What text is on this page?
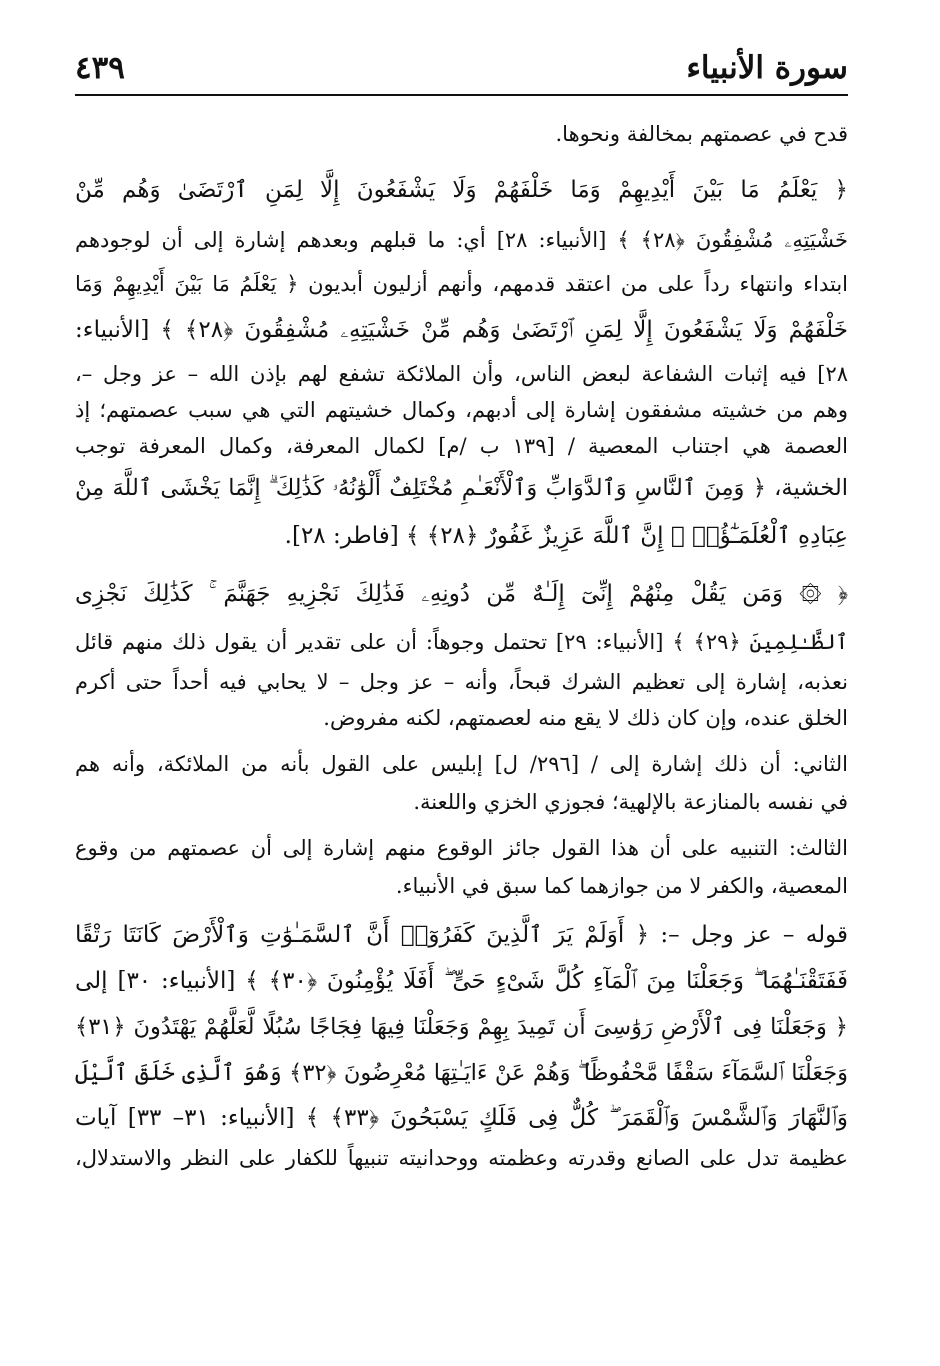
سورة الأنبياء
٤٣٩
قدح في عصمتهم بمخالفة ونحوها.
﴿ يَعْلَمُ مَا بَيْنَ أَيْدِيهِمْ وَمَا خَلْفَهُمْ وَلَا يَشْفَعُونَ إِلَّا لِمَنِ ٱرْتَضَىٰ وَهُم مِّنْ
خَشْيَتِهِۦ مُشْفِقُونَ ﴿٢٨﴾ ﴾ [الأنبياء: ٢٨] أي: ما قبلهم وبعدهم إشارة إلى أن لوجودهم
ابتداء وانتهاء رداً على من اعتقد قدمهم، وأنهم أزليون أبديون ﴿ يَعْلَمُ مَا بَيْنَ أَيْدِيهِمْ وَمَا
خَلْفَهُمْ وَلَا يَشْفَعُونَ إِلَّا لِمَنِ ٱرْتَضَىٰ وَهُم مِّنْ خَشْيَتِهِۦ مُشْفِقُونَ ﴿٢٨﴾ ﴾ [الأنبياء:
٢٨] فيه إثبات الشفاعة لبعض الناس، وأن الملائكة تشفع لهم بإذن الله – عز وجل –،
وهم من خشيته مشفقون إشارة إلى أدبهم، وكمال خشيتهم التي هي سبب عصمتهم؛ إذ
العصمة هي اجتناب المعصية / [١٣٩ ب /م] لكمال المعرفة، وكمال المعرفة توجب
الخشية، ﴿ وَمِنَ ٱلنَّاسِ وَٱلدَّوَابِّ وَٱلْأَنْعَـٰمِ مُخْتَلِفٌ أَلْوَٰنُهُۥ كَذَٰلِكَ ۗ إِنَّمَا يَخْشَى ٱللَّهَ مِنْ
عِبَادِهِ ٱلْعُلَمَـٰٓؤُا۟ ۗ إِنَّ ٱللَّهَ عَزِيزٌ غَفُورٌ ﴿٢٨﴾ ﴾ [فاطر: ٢٨].
﴿ ۞ وَمَن يَقُلْ مِنْهُمْ إِنِّىٓ إِلَـٰهٌ مِّن دُونِهِۦ فَذَٰلِكَ نَجْزِيهِ جَهَنَّمَ ۚ كَذَٰلِكَ نَجْزِى
ٱلظَّـٰلِمِينَ ﴿٢٩﴾ ﴾ [الأنبياء: ٢٩] تحتمل وجوهاً: أن على تقدير أن يقول ذلك منهم قائل
نعذبه، إشارة إلى تعظيم الشرك قبحاً، وأنه – عز وجل – لا يحابي فيه أحداً حتى أكرم
الخلق عنده، وإن كان ذلك لا يقع منه لعصمتهم، لكنه مفروض.
الثاني: أن ذلك إشارة إلى / [٢٩٦/ ل] إبليس على القول بأنه من الملائكة، وأنه هم
في نفسه بالمنازعة بالإلهية؛ فجوزي الخزي واللعنة.
الثالث: التنبيه على أن هذا القول جائز الوقوع منهم إشارة إلى أن عصمتهم من وقوع
المعصية، والكفر لا من جوازهما كما سبق في الأنبياء.
قوله – عز وجل –: ﴿ أَوَلَمْ يَرَ ٱلَّذِينَ كَفَرُوٓا۟ أَنَّ ٱلسَّمَـٰوَٰتِ وَٱلْأَرْضَ كَانَتَا رَتْقًا
فَفَتَقْنَـٰهُمَا ۖ وَجَعَلْنَا مِنَ ٱلْمَآءِ كُلَّ شَىْءٍ حَىٍّ ۖ أَفَلَا يُؤْمِنُونَ ﴿٣٠﴾ ﴾ [الأنبياء: ٣٠] إلى
﴿ وَجَعَلْنَا فِى ٱلْأَرْضِ رَوَٰسِىَ أَن تَمِيدَ بِهِمْ وَجَعَلْنَا فِيهَا فِجَاجًا سُبُلًا لَّعَلَّهُمْ يَهْتَدُونَ ﴿٣١﴾
وَجَعَلْنَا ٱلسَّمَآءَ سَقْفًا مَّحْفُوظًا ۖ وَهُمْ عَنْ ءَايَـٰتِهَا مُعْرِضُونَ ﴿٣٢﴾ وَهُوَ ٱلَّذِى خَلَقَ ٱلَّيْلَ
وَٱلنَّهَارَ وَٱلشَّمْسَ وَٱلْقَمَرَ ۖ كُلٌّ فِى فَلَكٍ يَسْبَحُونَ ﴿٣٣﴾ ﴾ [الأنبياء: ٣١– ٣٣] آيات
عظيمة تدل على الصانع وقدرته وعظمته ووحدانيته تنبيهاً للكفار على النظر والاستدلال،
